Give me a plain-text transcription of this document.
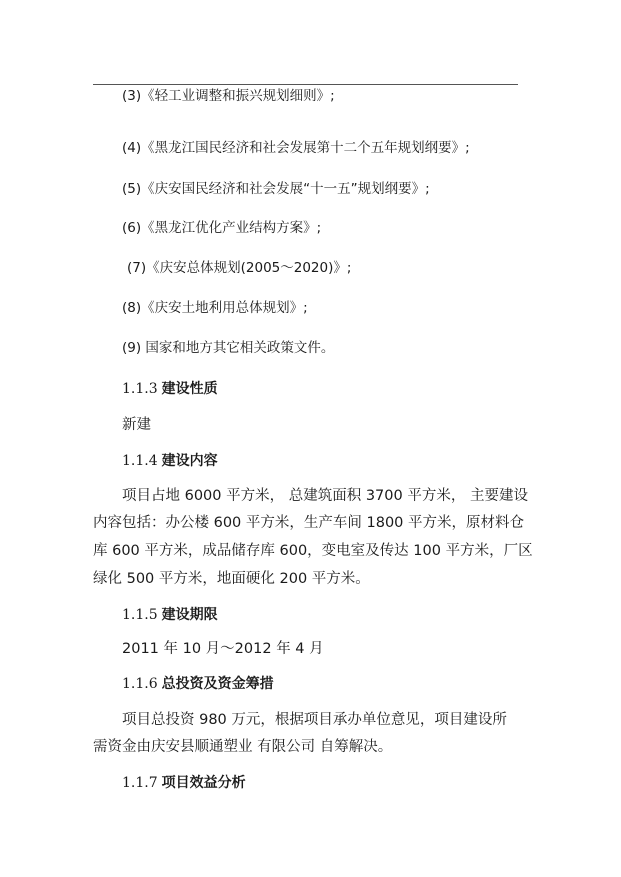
(3)《轻工业调整和振兴规划细则》;
(4)《黑龙江国民经济和社会发展第十二个五年规划纲要》;
(5)《庆安国民经济和社会发展“十一五”规划纲要》;
(6)《黑龙江优化产业结构方案》;
(7)《庆安总体规划(2005～2020)》;
(8)《庆安土地利用总体规划》;
(9) 国家和地方其它相关政策文件。
1.1.3 建设性质
新建
1.1.4 建设内容
项目占地 6000 平方米， 总建筑面积 3700 平方米， 主要建设
内容包括：办公楼 600 平方米，生产车间 1800 平方米，原材料仓
库 600 平方米，成品储存库 600，变电室及传达 100 平方米，厂区
绿化 500 平方米，地面硬化 200 平方米。
1.1.5 建设期限
2011 年 10 月～2012 年 4 月
1.1.6 总投资及资金筹措
项目总投资 980 万元，根据项目承办单位意见，项目建设所
需资金由庆安县顺通塑业 有限公司 自筹解决。
1.1.7 项目效益分析
